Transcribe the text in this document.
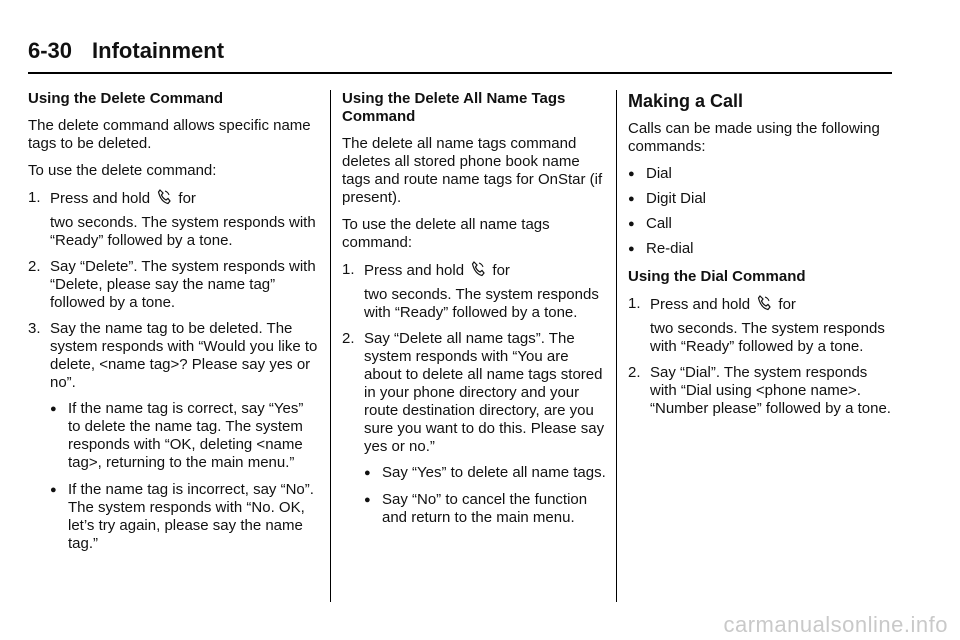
6-30 Infotainment
Using the Delete Command

The delete command allows specific name tags to be deleted.

To use the delete command:

1. Press and hold for
two seconds. The system responds with “Ready” followed by a tone.
2. Say “Delete”. The system responds with “Delete, please say the name tag” followed by a tone.
3. Say the name tag to be deleted. The system responds with “Would you like to delete, <name tag>? Please say yes or no”.
● If the name tag is correct, say “Yes” to delete the name tag. The system responds with “OK, deleting <name tag>, returning to the main menu.”
● If the name tag is incorrect, say “No”. The system responds with “No. OK, let’s try again, please say the name tag.”
Using the Delete All Name Tags Command

The delete all name tags command deletes all stored phone book name tags and route name tags for OnStar (if present).

To use the delete all name tags command:

1. Press and hold for
two seconds. The system responds with “Ready” followed by a tone.
2. Say “Delete all name tags”. The system responds with “You are about to delete all name tags stored in your phone directory and your route destination directory, are you sure you want to do this. Please say yes or no.”
● Say “Yes” to delete all name tags.
● Say “No” to cancel the function and return to the main menu.
Making a Call

Calls can be made using the following commands:

● Dial
● Digit Dial
● Call
● Re-dial
Using the Dial Command
1. Press and hold for
two seconds. The system responds with “Ready” followed by a tone.
2. Say “Dial”. The system responds with “Dial using <phone name>. “Number please” followed by a tone.
carmanualsonline.info
